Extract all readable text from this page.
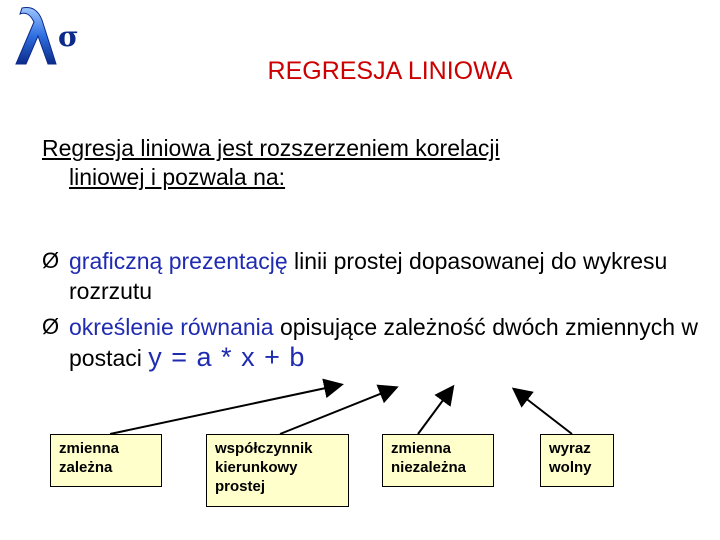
σ
REGRESJA LINIOWA
Regresja liniowa jest rozszerzeniem korelacji
liniowej i pozwala na:
Ø graficzną prezentację linii prostej dopasowanej do wykresu rozrzutu
Ø określenie równania opisujące zależność dwóch zmiennych w postaci y = a * x + b
zmienna zależna
współczynnik kierunkowy prostej
zmienna niezależna
wyraz wolny
